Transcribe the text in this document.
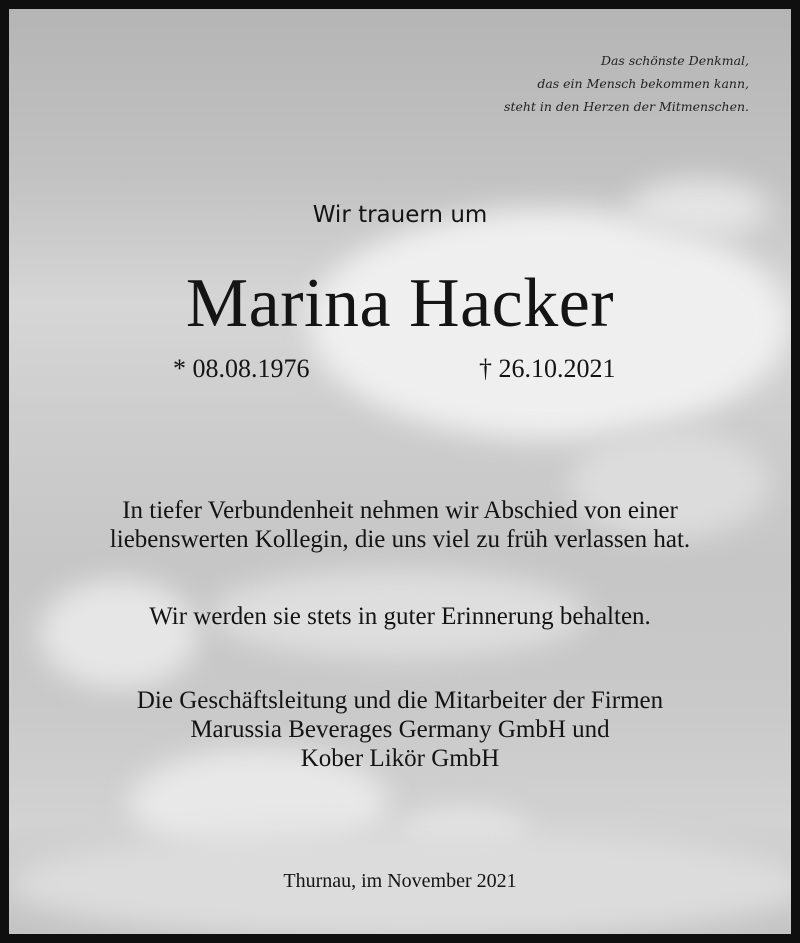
Das schönste Denkmal,
das ein Mensch bekommen kann,
steht in den Herzen der Mitmenschen.
Wir trauern um
Marina Hacker
* 08.08.1976	† 26.10.2021
In tiefer Verbundenheit nehmen wir Abschied von einer
liebenswerten Kollegin, die uns viel zu früh verlassen hat.
Wir werden sie stets in guter Erinnerung behalten.
Die Geschäftsleitung und die Mitarbeiter der Firmen
Marussia Beverages Germany GmbH und
Kober Likör GmbH
Thurnau, im November 2021
